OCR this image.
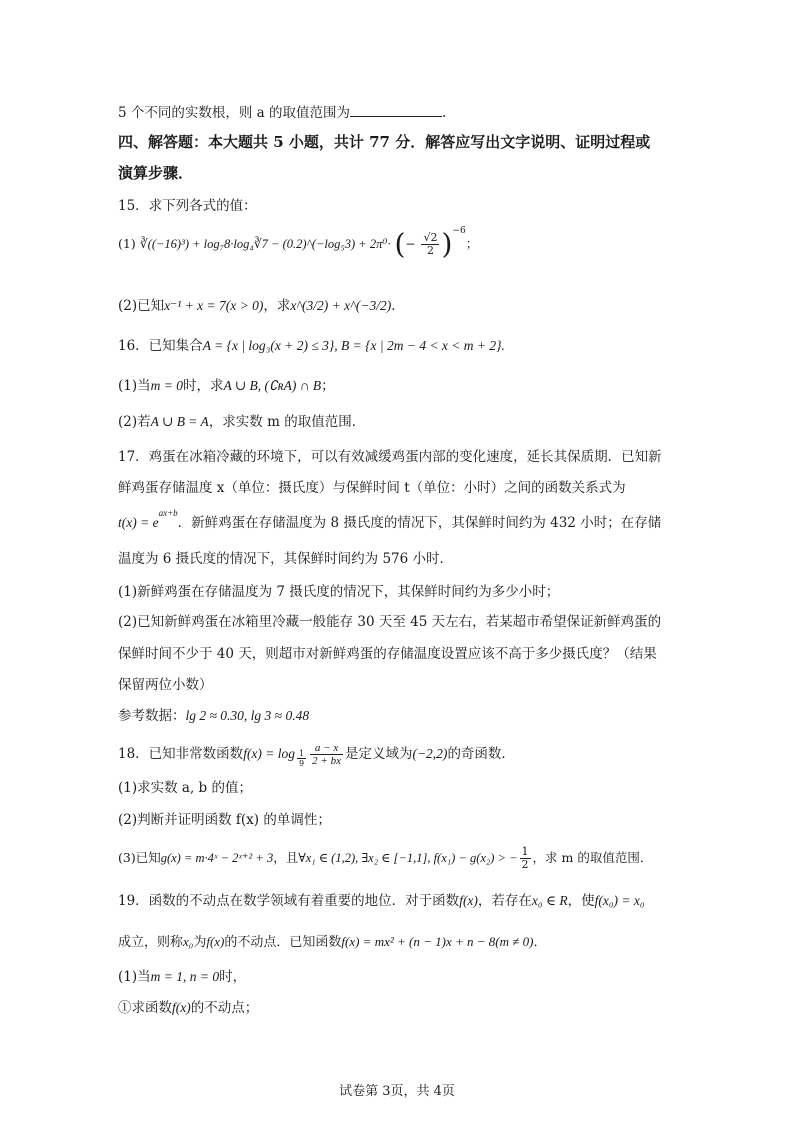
5 个不同的实数根，则 a 的取值范围为	.
四、解答题：本大题共 5 小题，共计 77 分．解答应写出文字说明、证明过程或
演算步骤．
15．求下列各式的值：
(1) ∛((−16)³) + log₇8·log₄∛7 − (0.2)^(−log₅3) + 2π⁰· (− $\frac{√2}{2} )^{-6}$；
(2)已知x⁻¹ + x = 7(x > 0)，求x^(3/2) + x^(−3/2)．
16．已知集合A = {x | log₃(x + 2) ≤ 3}, B = {x | 2m − 4 < x < m + 2}.
(1)当m = 0时，求A ∪ B, (∁ʀA) ∩ B；
(2)若A ∪ B = A，求实数 m 的取值范围．
17．鸡蛋在冰箱冷藏的环境下，可以有效减缓鸡蛋内部的变化速度，延长其保质期．已知新
鲜鸡蛋存储温度 x（单位：摄氏度）与保鲜时间 t（单位：小时）之间的函数关系式为
$t(x) = e^{ax+b}$．新鲜鸡蛋在存储温度为 8 摄氏度的情况下，其保鲜时间约为 432 小时；在存储
温度为 6 摄氏度的情况下，其保鲜时间约为 576 小时．
(1)新鲜鸡蛋在存储温度为 7 摄氏度的情况下，其保鲜时间约为多少小时；
(2)已知新鲜鸡蛋在冰箱里冷藏一般能存 30 天至 45 天左右，若某超市希望保证新鲜鸡蛋的
保鲜时间不少于 40 天，则超市对新鲜鸡蛋的存储温度设置应该不高于多少摄氏度？（结果
保留两位小数）
参考数据：lg 2 ≈ 0.30, lg 3 ≈ 0.48
18．已知非常数函数$f(x) = \log \frac{1}{9} \frac{a - x}{2 + bx}$ 是定义域为(−2,2)的奇函数．
(1)求实数 a, b 的值；
(2)判断并证明函数 f(x) 的单调性；
(3)已知g(x) = m·4ˣ − 2ˣ⁺² + 3，且∀x₁ ∈ (1,2), ∃x₂ ∈ [−1,1], f(x₁) − g(x₂) > − $\frac{1}{2}$ ，求 m 的取值范围．
19．函数的不动点在数学领域有着重要的地位．对于函数f(x)，若存在x₀ ∈ R，使f(x₀) = x₀
成立，则称x₀为f(x)的不动点．已知函数f(x) = mx² + (n − 1)x + n − 8(m ≠ 0)．
(1)当m = 1, n = 0时，
①求函数f(x)的不动点；
试卷第 3页，共 4页
